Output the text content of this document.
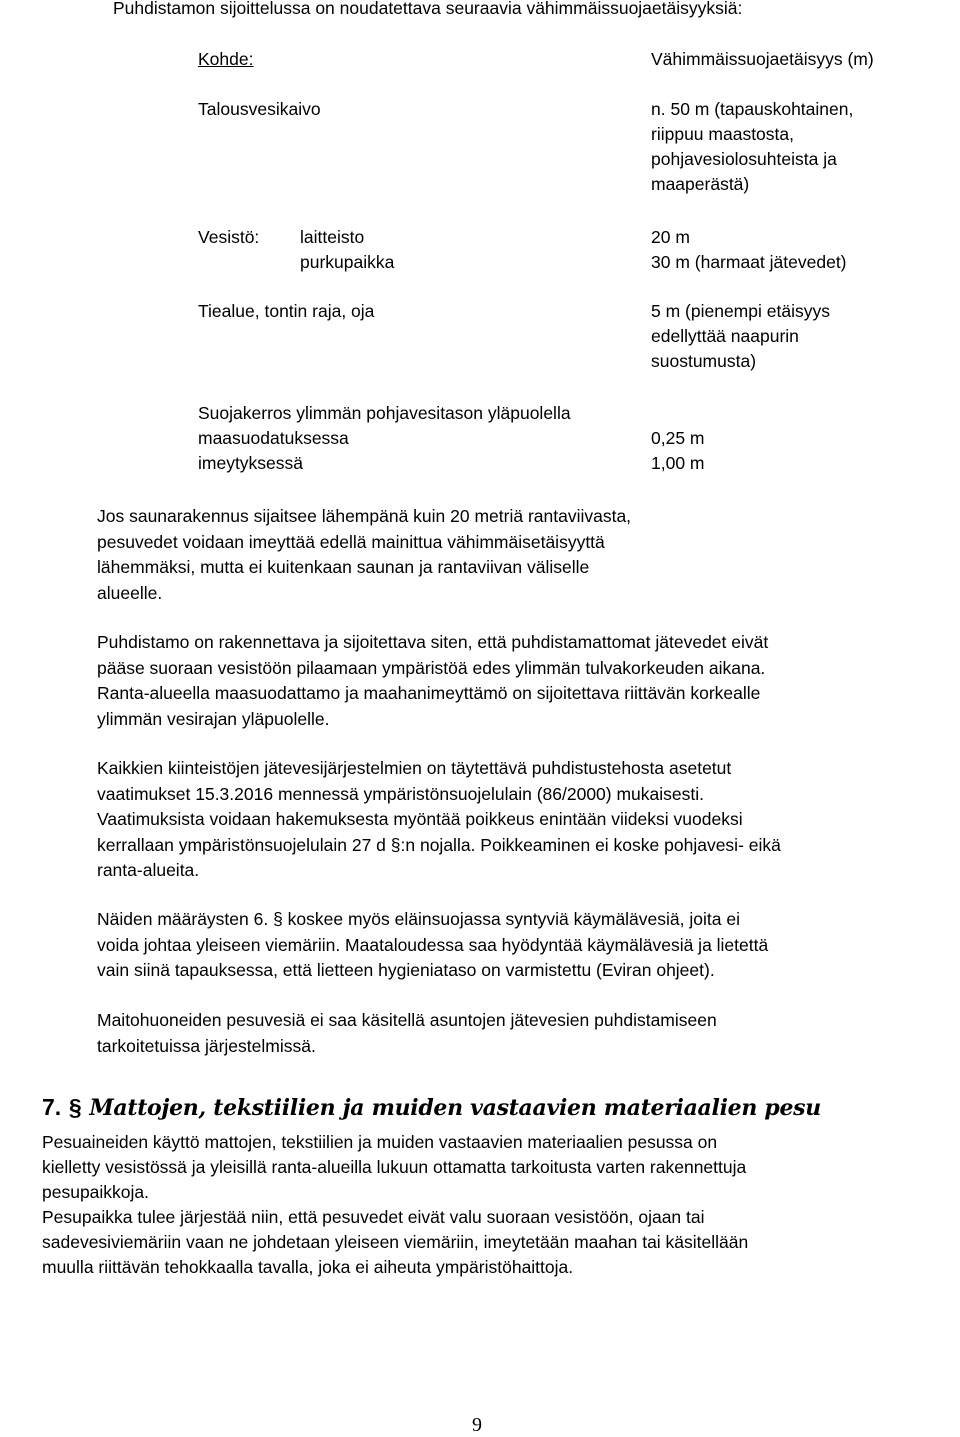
Puhdistamon sijoittelussa on noudatettava seuraavia vähimmäissuojaetäisyyksiä:
Kohde:	Vähimmäissuojaetäisyys (m)
Talousvesikaivo	n. 50 m (tapauskohtainen,
riippuu maastosta,
pohjavesiolosuhteista ja
maaperästä)
Vesistö: laitteisto	20 m
purkupaikka	30 m (harmaat jätevedet)
Tiealue, tontin raja, oja	5 m (pienempi etäisyys
edellyttää naapurin
suostumusta)
Suojakerros ylimmän pohjavesitason yläpuolella
maasuodatuksessa	0,25 m
imeytyksessä	1,00 m

Jos saunarakennus sijaitsee lähempänä kuin 20 metriä rantaviivasta,
pesuvedet voidaan imeyttää edellä mainittua vähimmäisetäisyyttä
lähemmäksi, mutta ei kuitenkaan saunan ja rantaviivan väliselle
alueelle.

Puhdistamo on rakennettava ja sijoitettava siten, että puhdistamattomat jätevedet eivät
pääse suoraan vesistöön pilaamaan ympäristöä edes ylimmän tulvakorkeuden aikana.
Ranta-alueella maasuodattamo ja maahanimeyttämö on sijoitettava riittävän korkealle
ylimmän vesirajan yläpuolelle.

Kaikkien kiinteistöjen jätevesijärjestelmien on täytettävä puhdistustehosta asetetut
vaatimukset 15.3.2016 mennessä ympäristönsuojelulain (86/2000) mukaisesti.
Vaatimuksista voidaan hakemuksesta myöntää poikkeus enintään viideksi vuodeksi
kerrallaan ympäristönsuojelulain 27 d §:n nojalla. Poikkeaminen ei koske pohjavesi- eikä
ranta-alueita.

Näiden määräysten 6. § koskee myös eläinsuojassa syntyviä käymälävesiä, joita ei
voida johtaa yleiseen viemäriin. Maataloudessa saa hyödyntää käymälävesiä ja lietettä
vain siinä tapauksessa, että lietteen hygieniataso on varmistettu (Eviran ohjeet).

Maitohuoneiden pesuvesiä ei saa käsitellä asuntojen jätevesien puhdistamiseen
tarkoitetuissa järjestelmissä.

7. § Mattojen, tekstiilien ja muiden vastaavien materiaalien pesu

Pesuaineiden käyttö mattojen, tekstiilien ja muiden vastaavien materiaalien pesussa on
kielletty vesistössä ja yleisillä ranta-alueilla lukuun ottamatta tarkoitusta varten rakennettuja
pesupaikkoja.

Pesupaikka tulee järjestää niin, että pesuvedet eivät valu suoraan vesistöön, ojaan tai
sadevesiviemäriin vaan ne johdetaan yleiseen viemäriin, imeytetään maahan tai käsitellään
muulla riittävän tehokkaalla tavalla, joka ei aiheuta ympäristöhaittoja.

9
